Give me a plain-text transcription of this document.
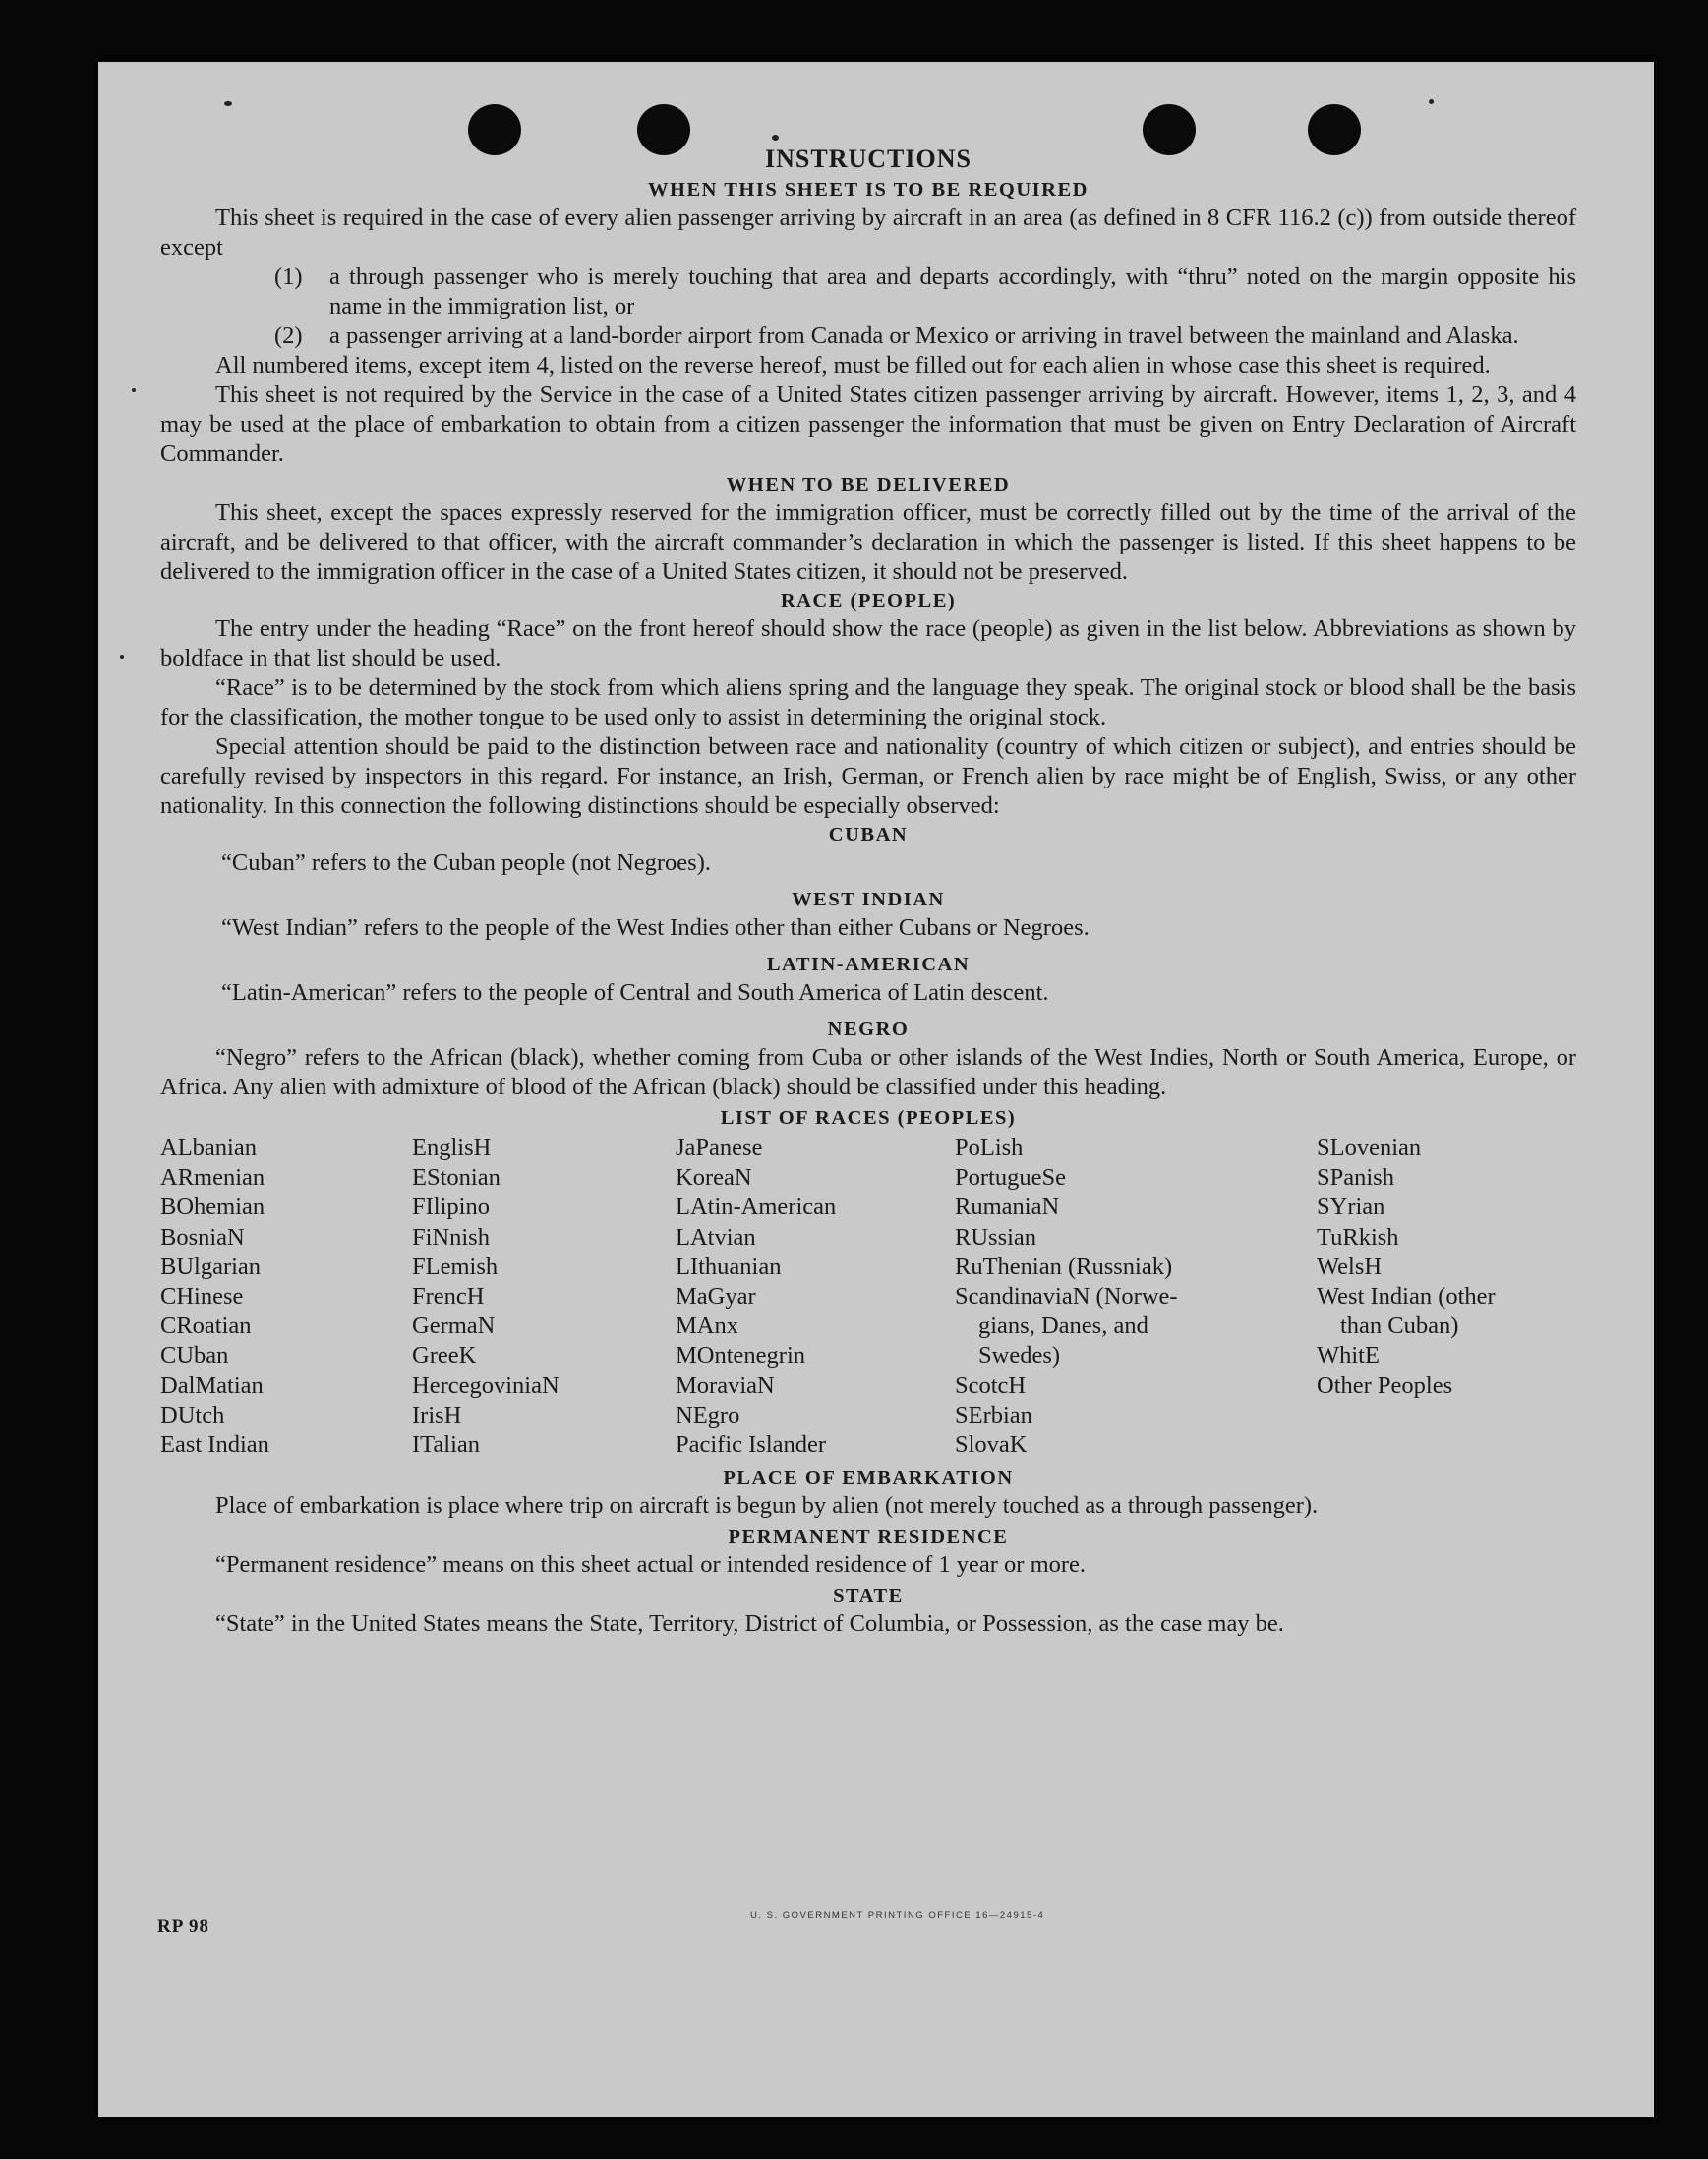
INSTRUCTIONS
WHEN THIS SHEET IS TO BE REQUIRED

This sheet is required in the case of every alien passenger arriving by aircraft in an area (as defined in 8 CFR 116.2 (c)) from outside thereof except

(1)	a through passenger who is merely touching that area and departs accordingly, with “thru” noted on the margin opposite his name in the immigration list, or
(2)	a passenger arriving at a land-border airport from Canada or Mexico or arriving in travel between the mainland and Alaska.

All numbered items, except item 4, listed on the reverse hereof, must be filled out for each alien in whose case this sheet is required.

This sheet is not required by the Service in the case of a United States citizen passenger arriving by aircraft. However, items 1, 2, 3, and 4 may be used at the place of embarkation to obtain from a citizen passenger the information that must be given on Entry Declaration of Aircraft Commander.

WHEN TO BE DELIVERED

This sheet, except the spaces expressly reserved for the immigration officer, must be correctly filled out by the time of the arrival of the aircraft, and be delivered to that officer, with the aircraft commander’s declaration in which the passenger is listed. If this sheet happens to be delivered to the immigration officer in the case of a United States citizen, it should not be preserved.

RACE (PEOPLE)

The entry under the heading “Race” on the front hereof should show the race (people) as given in the list below. Abbreviations as shown by boldface in that list should be used.

“Race” is to be determined by the stock from which aliens spring and the language they speak. The original stock or blood shall be the basis for the classification, the mother tongue to be used only to assist in determining the original stock.

Special attention should be paid to the distinction between race and nationality (country of which citizen or subject), and entries should be carefully revised by inspectors in this regard. For instance, an Irish, German, or French alien by race might be of English, Swiss, or any other nationality. In this connection the following distinctions should be especially observed:

CUBAN

“Cuban” refers to the Cuban people (not Negroes).

WEST INDIAN

“West Indian” refers to the people of the West Indies other than either Cubans or Negroes.

LATIN-AMERICAN

“Latin-American” refers to the people of Central and South America of Latin descent.

NEGRO

“Negro” refers to the African (black), whether coming from Cuba or other islands of the West Indies, North or South America, Europe, or Africa. Any alien with admixture of blood of the African (black) should be classified under this heading.

LIST OF RACES (PEOPLES)
ALbanian
ARmenian
BOhemian
BosniaN
BUlgarian
CHinese
CRoatian
CUban
DalMatian
DUtch
East Indian
EnglisH
EStonian
FIlipino
FiNnish
FLemish
FrencH
GermaN
GreeK
HercegoviniaN
IrisH
ITalian
JaPanese
KoreaN
LAtin-American
LAtvian
LIthuanian
MaGyar
MAnx
MOntenegrin
MoraviaN
NEgro
Pacific Islander
PoLish
PortugueSe
RumaniaN
RUssian
RuThenian (Russniak)
ScandinaviaN (Norwe-
gians, Danes, and
Swedes)
ScotcH
SErbian
SlovaK
SLovenian
SPanish
SYrian
TuRkish
WelsH
West Indian (other
than Cuban)
WhitE
Other Peoples
PLACE OF EMBARKATION

Place of embarkation is place where trip on aircraft is begun by alien (not merely touched as a through passenger).

PERMANENT RESIDENCE

“Permanent residence” means on this sheet actual or intended residence of 1 year or more.

STATE

“State” in the United States means the State, Territory, District of Columbia, or Possession, as the case may be.

RP 98
U. S. GOVERNMENT PRINTING OFFICE 16—24915-4
